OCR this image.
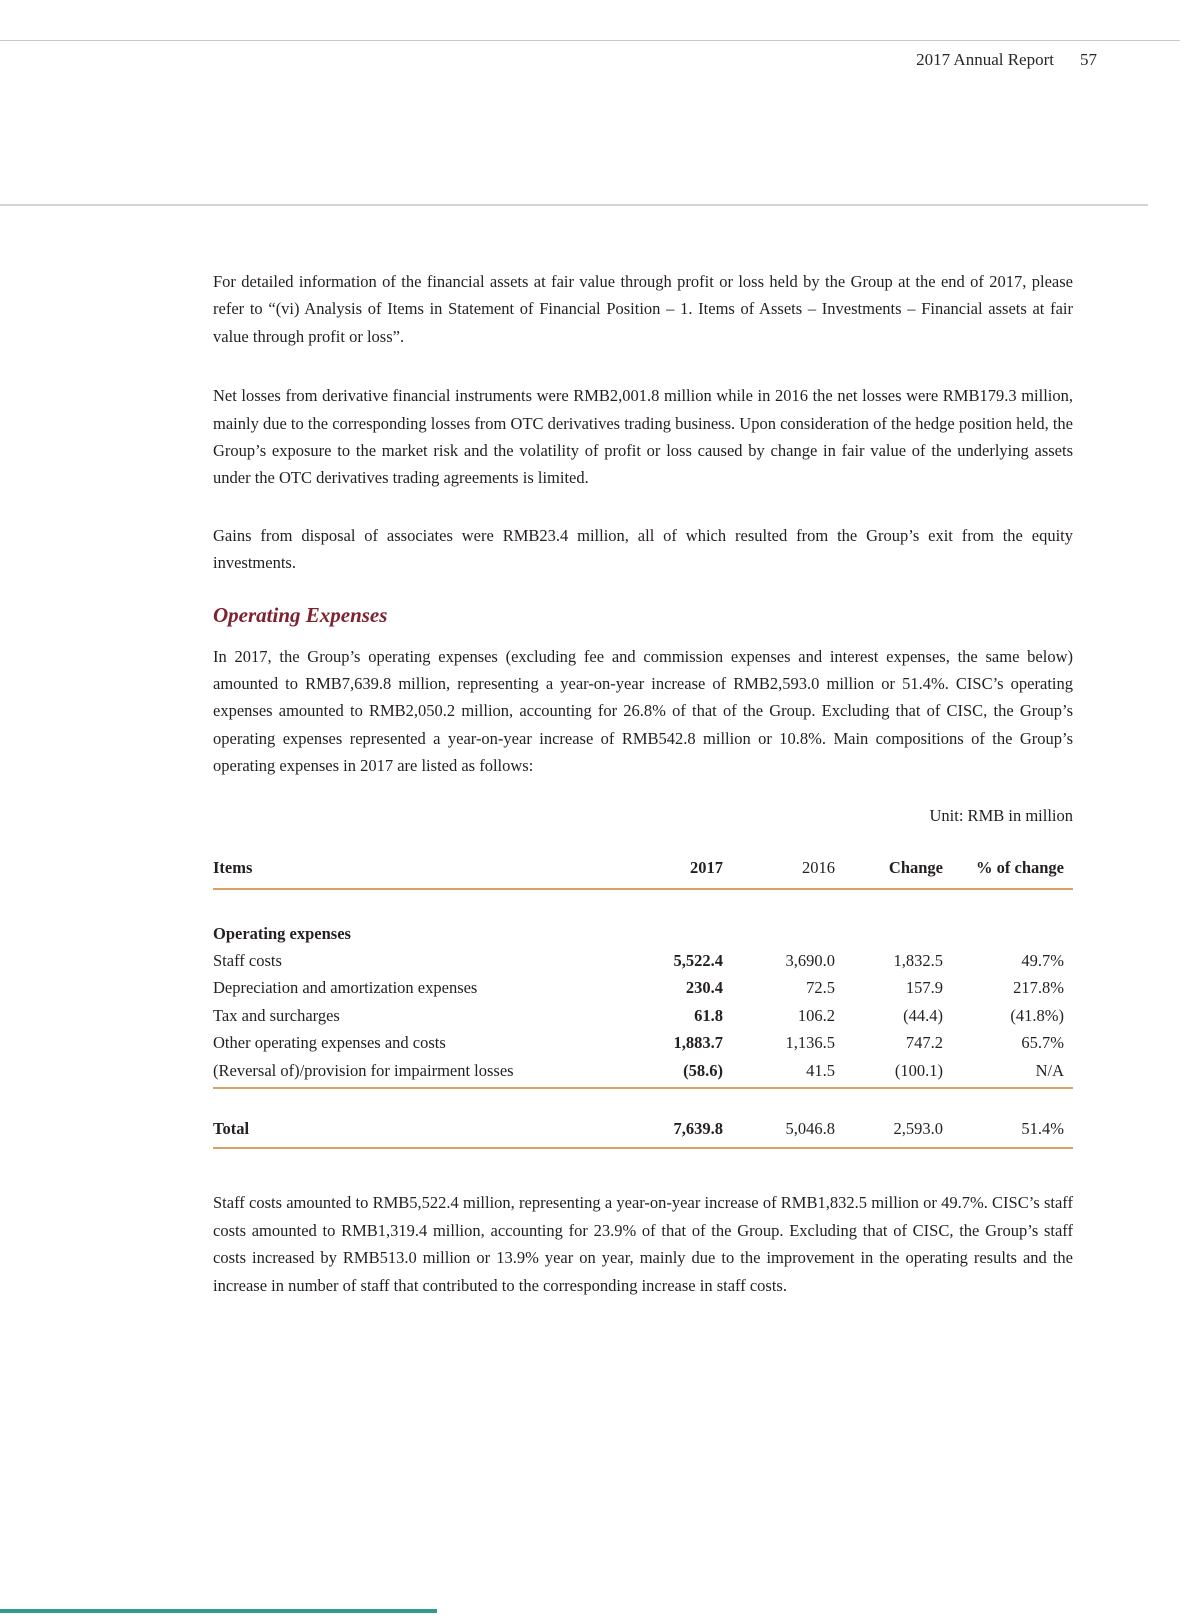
2017 Annual Report 57

For detailed information of the financial assets at fair value through profit or loss held by the Group at the end of 2017, please refer to “(vi) Analysis of Items in Statement of Financial Position – 1. Items of Assets – Investments – Financial assets at fair value through profit or loss”.

Net losses from derivative financial instruments were RMB2,001.8 million while in 2016 the net losses were RMB179.3 million, mainly due to the corresponding losses from OTC derivatives trading business. Upon consideration of the hedge position held, the Group’s exposure to the market risk and the volatility of profit or loss caused by change in fair value of the underlying assets under the OTC derivatives trading agreements is limited.

Gains from disposal of associates were RMB23.4 million, all of which resulted from the Group’s exit from the equity investments.

Operating Expenses

In 2017, the Group’s operating expenses (excluding fee and commission expenses and interest expenses, the same below) amounted to RMB7,639.8 million, representing a year-on-year increase of RMB2,593.0 million or 51.4%. CISC’s operating expenses amounted to RMB2,050.2 million, accounting for 26.8% of that of the Group. Excluding that of CISC, the Group’s operating expenses represented a year-on-year increase of RMB542.8 million or 10.8%. Main compositions of the Group’s operating expenses in 2017 are listed as follows:

Unit: RMB in million
Items	2017	2016	Change	% of change
Operating expenses
Staff costs	5,522.4	3,690.0	1,832.5	49.7%
Depreciation and amortization expenses	230.4	72.5	157.9	217.8%
Tax and surcharges	61.8	106.2	(44.4)	(41.8%)
Other operating expenses and costs	1,883.7	1,136.5	747.2	65.7%
(Reversal of)/provision for impairment losses	(58.6)	41.5	(100.1)	N/A
Total	7,639.8	5,046.8	2,593.0	51.4%

Staff costs amounted to RMB5,522.4 million, representing a year-on-year increase of RMB1,832.5 million or 49.7%. CISC’s staff costs amounted to RMB1,319.4 million, accounting for 23.9% of that of the Group. Excluding that of CISC, the Group’s staff costs increased by RMB513.0 million or 13.9% year on year, mainly due to the improvement in the operating results and the increase in number of staff that contributed to the corresponding increase in staff costs.
